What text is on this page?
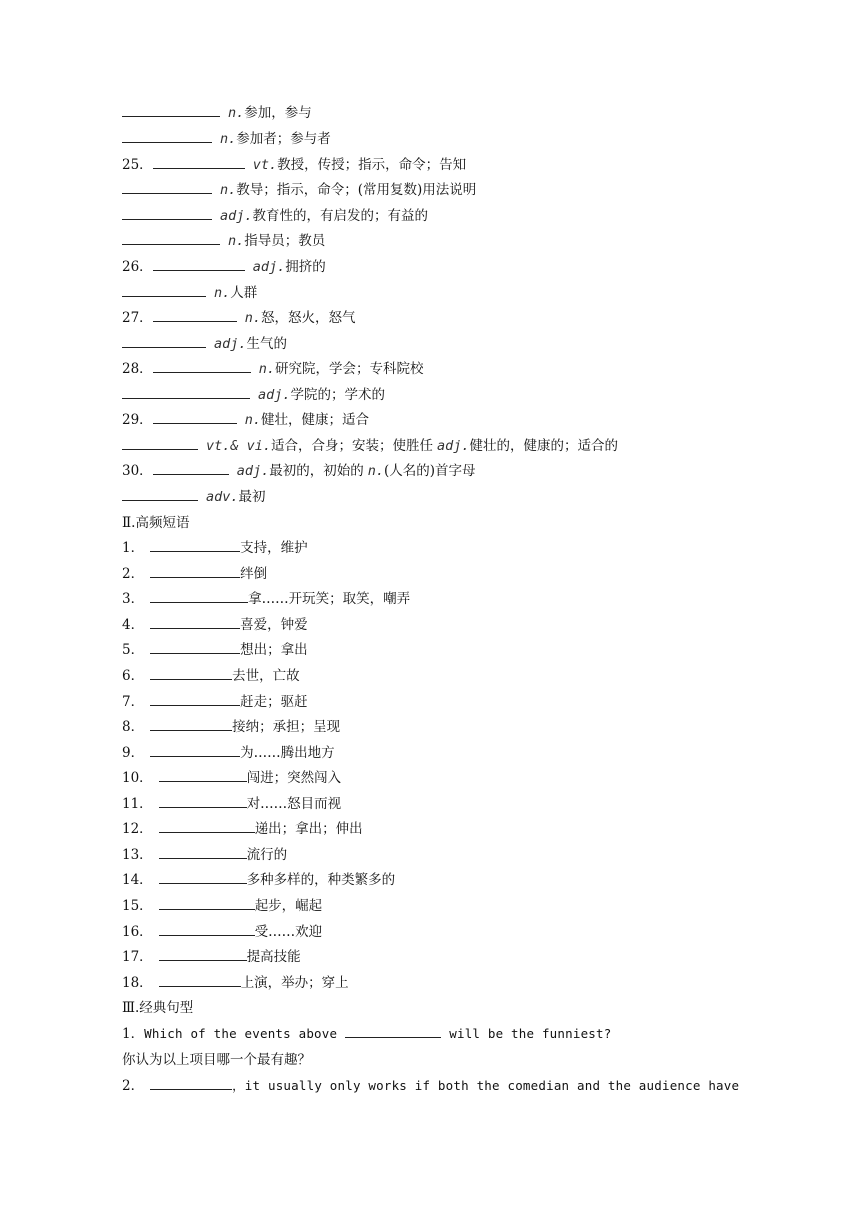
n.参加，参与
n.参加者；参与者
25．	vt.教授，传授；指示，命令；告知
n.教导；指示，命令；(常用复数)用法说明
adj.教育性的，有启发的；有益的
n.指导员；教员
26．	adj.拥挤的
n.人群
27．	n.怒，怒火，怒气
adj.生气的
28．	n.研究院，学会；专科院校
adj.学院的；学术的
29．	n.健壮，健康；适合
vt.& vi.适合，合身；安装；使胜任 adj.健壮的，健康的；适合的
30．	adj.最初的，初始的 n.(人名的)首字母
adv.最初
Ⅱ.高频短语
1．	支持，维护
2．	绊倒
3．	拿……开玩笑；取笑，嘲弄
4．	喜爱，钟爱
5．	想出；拿出
6．	去世，亡故
7．	赶走；驱赶
8．	接纳；承担；呈现
9．	为……腾出地方
10．	闯进；突然闯入
11．	对……怒目而视
12．	递出；拿出；伸出
13．	流行的
14．	多种多样的，种类繁多的
15．	起步，崛起
16．	受……欢迎
17．	提高技能
18．	上演，举办；穿上
Ⅲ.经典句型
1．Which of the events above	will be the funniest?
你认为以上项目哪一个最有趣？
2．	，it usually only works if both the comedian and the audience have
